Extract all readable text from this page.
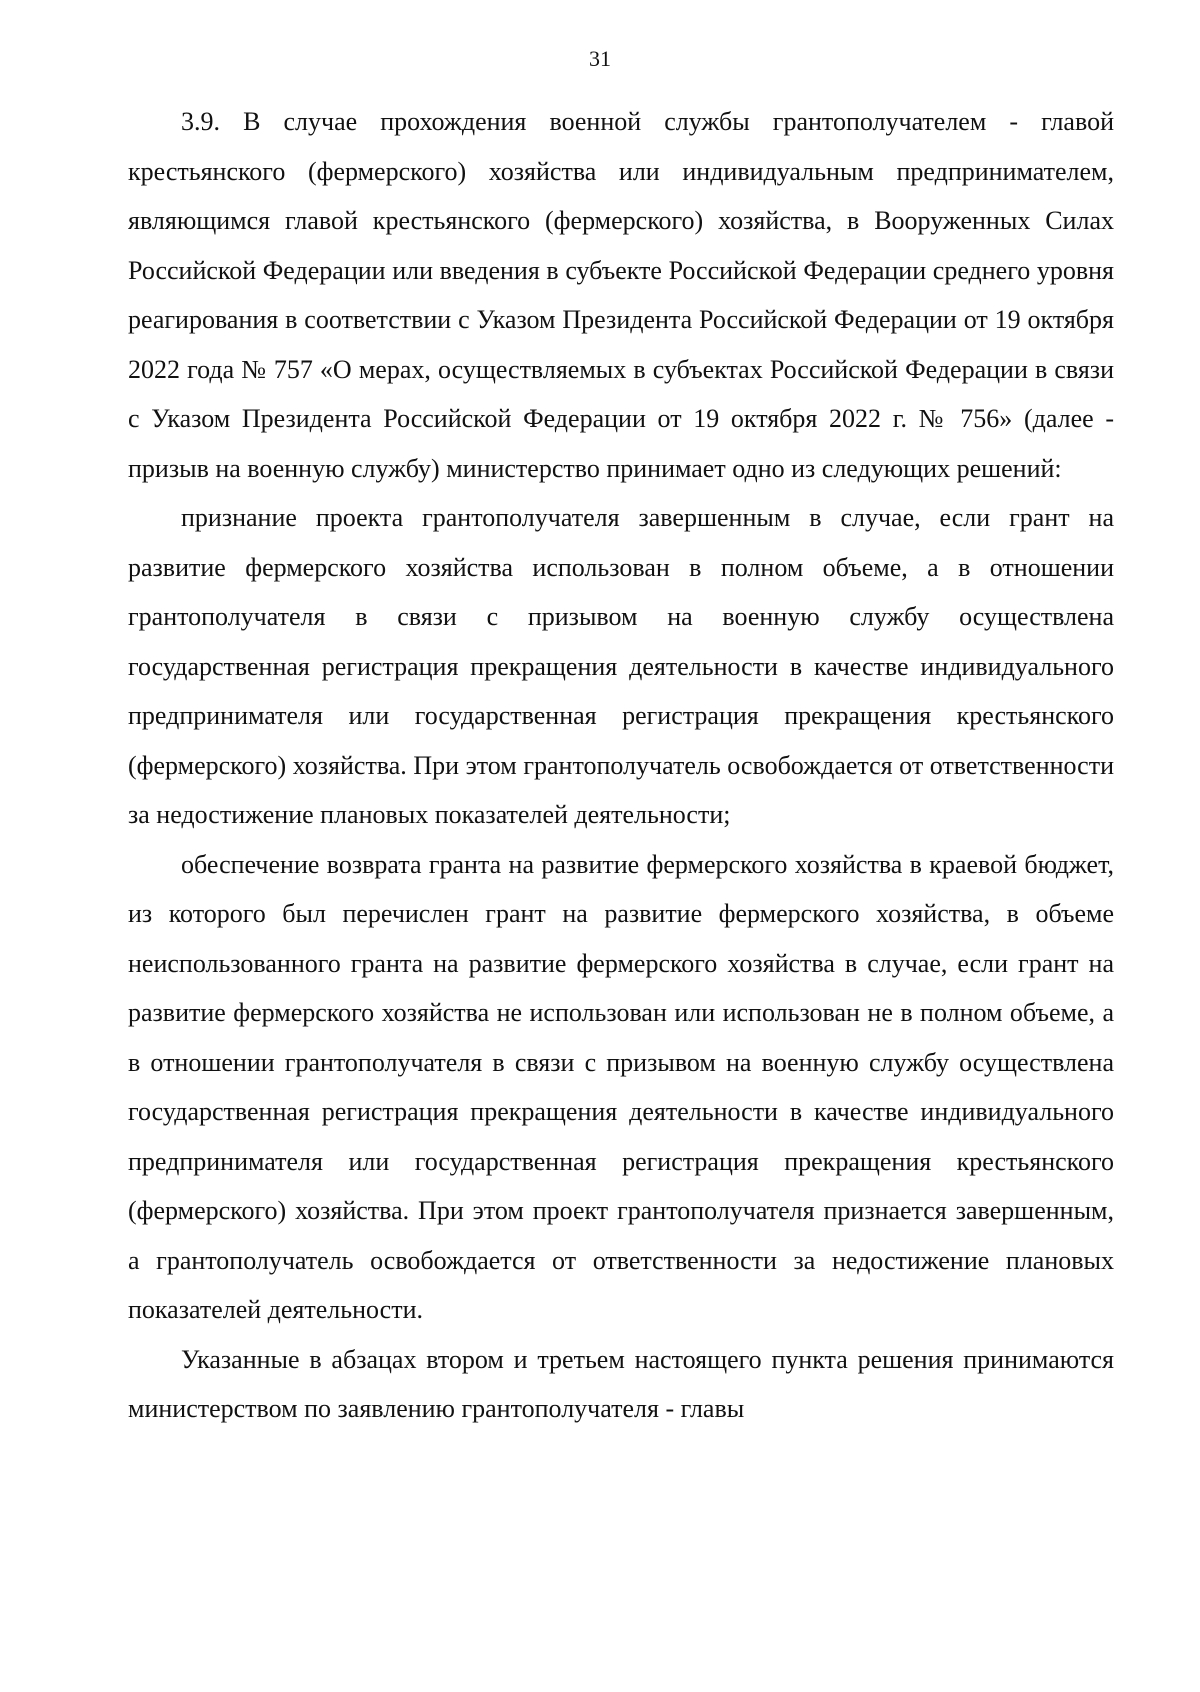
31

3.9. В случае прохождения военной службы грантополучателем - главой крестьянского (фермерского) хозяйства или индивидуальным предпринимателем, являющимся главой крестьянского (фермерского) хозяйства, в Вооруженных Силах Российской Федерации или введения в субъекте Российской Федерации среднего уровня реагирования в соответствии с Указом Президента Российской Федерации от 19 октября 2022 года № 757 «О мерах, осуществляемых в субъектах Российской Федерации в связи с Указом Президента Российской Федерации от 19 октября 2022 г. № 756» (далее - призыв на военную службу) министерство принимает одно из следующих решений:

признание проекта грантополучателя завершенным в случае, если грант на развитие фермерского хозяйства использован в полном объеме, а в отношении грантополучателя в связи с призывом на военную службу осуществлена государственная регистрация прекращения деятельности в качестве индивидуального предпринимателя или государственная регистрация прекращения крестьянского (фермерского) хозяйства. При этом грантополучатель освобождается от ответственности за недостижение плановых показателей деятельности;

обеспечение возврата гранта на развитие фермерского хозяйства в краевой бюджет, из которого был перечислен грант на развитие фермерского хозяйства, в объеме неиспользованного гранта на развитие фермерского хозяйства в случае, если грант на развитие фермерского хозяйства не использован или использован не в полном объеме, а в отношении грантополучателя в связи с призывом на военную службу осуществлена государственная регистрация прекращения деятельности в качестве индивидуального предпринимателя или государственная регистрация прекращения крестьянского (фермерского) хозяйства. При этом проект грантополучателя признается завершенным, а грантополучатель освобождается от ответственности за недостижение плановых показателей деятельности.

Указанные в абзацах втором и третьем настоящего пункта решения принимаются министерством по заявлению грантополучателя - главы
